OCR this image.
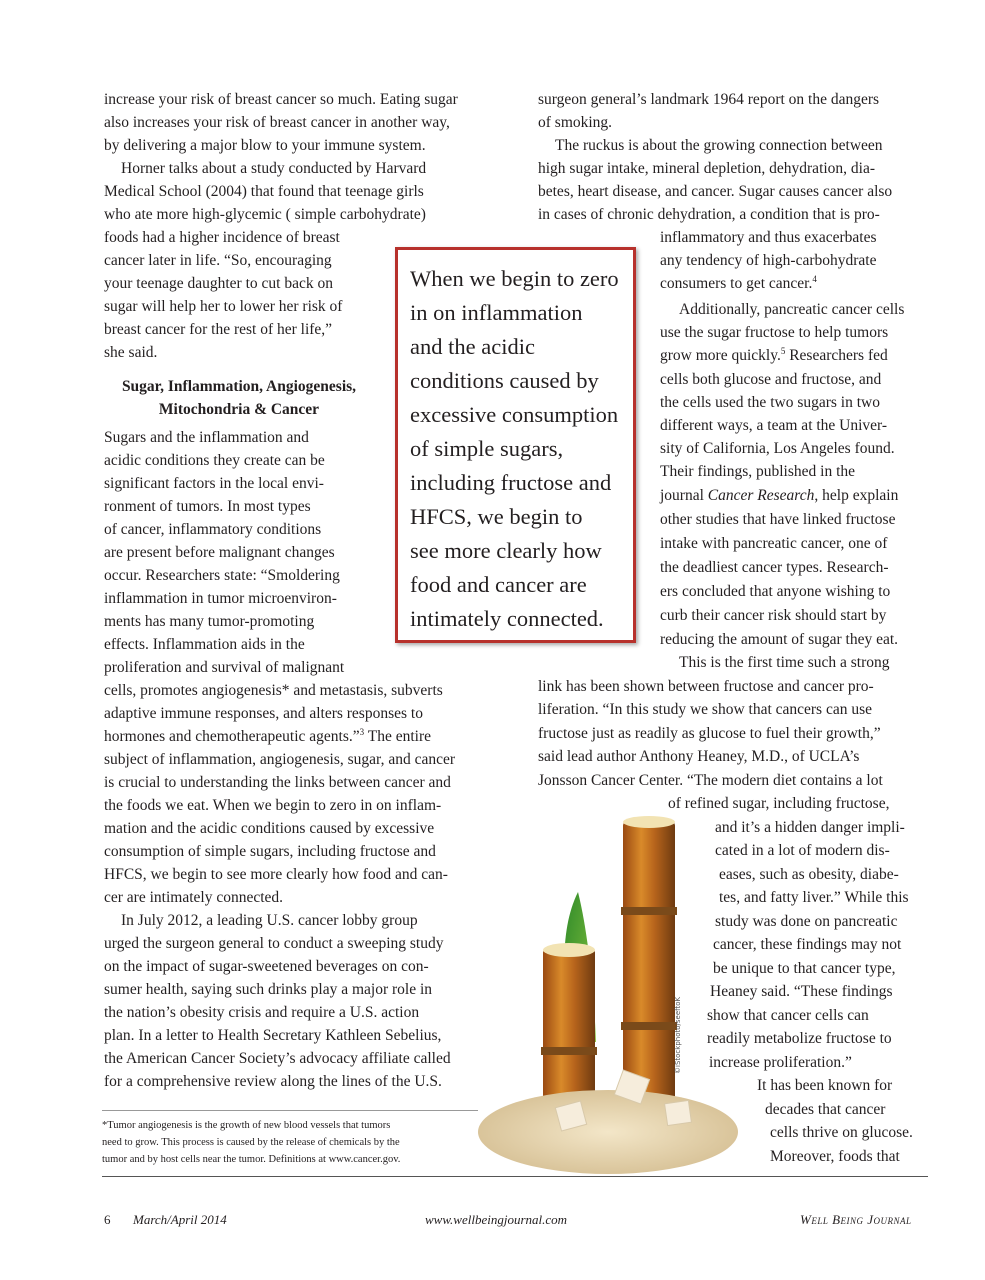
increase your risk of breast cancer so much. Eating sugar
also increases your risk of breast cancer in another way,
by delivering a major blow to your immune system.
Horner talks about a study conducted by Harvard
Medical School (2004) that found that teenage girls
who ate more high-glycemic ( simple carbohydrate)
foods had a higher incidence of breast
cancer later in life. “So, encouraging
your teenage daughter to cut back on
sugar will help her to lower her risk of
breast cancer for the rest of her life,”
she said.
Sugar, Inflammation, Angiogenesis,
Mitochondria & Cancer
Sugars and the inflammation and
acidic conditions they create can be
significant factors in the local envi-
ronment of tumors. In most types
of cancer, inflammatory conditions
are present before malignant changes
occur. Researchers state: “Smoldering
inflammation in tumor microenviron-
ments has many tumor-promoting
effects. Inflammation aids in the
proliferation and survival of malignant
cells, promotes angiogenesis* and metastasis, subverts
adaptive immune responses, and alters responses to
hormones and chemotherapeutic agents.”$^3$ The entire
subject of inflammation, angiogenesis, sugar, and cancer
is crucial to understanding the links between cancer and
the foods we eat. When we begin to zero in on inflam-
mation and the acidic conditions caused by excessive
consumption of simple sugars, including fructose and
HFCS, we begin to see more clearly how food and can-
cer are intimately connected.
In July 2012, a leading U.S. cancer lobby group
urged the surgeon general to conduct a sweeping study
on the impact of sugar-sweetened beverages on con-
sumer health, saying such drinks play a major role in
the nation’s obesity crisis and require a U.S. action
plan. In a letter to Health Secretary Kathleen Sebelius,
the American Cancer Society’s advocacy affiliate called
for a comprehensive review along the lines of the U.S.
*Tumor angiogenesis is the growth of new blood vessels that tumors
need to grow. This process is caused by the release of chemicals by the
tumor and by host cells near the tumor. Definitions at www.cancer.gov.
When we begin to zero
in on inflammation
and the acidic
conditions caused by
excessive consumption
of simple sugars,
including fructose and
HFCS, we begin to
see more clearly how
food and cancer are
intimately connected.
surgeon general’s landmark 1964 report on the dangers
of smoking.
The ruckus is about the growing connection between
high sugar intake, mineral depletion, dehydration, dia-
betes, heart disease, and cancer. Sugar causes cancer also
in cases of chronic dehydration, a condition that is pro-
inflammatory and thus exacerbates
any tendency of high-carbohydrate
consumers to get cancer.$^4$
Additionally, pancreatic cancer cells
use the sugar fructose to help tumors
grow more quickly.$^5$ Researchers fed
cells both glucose and fructose, and
the cells used the two sugars in two
different ways, a team at the Univer-
sity of California, Los Angeles found.
Their findings, published in the
journal Cancer Research, help explain
other studies that have linked fructose
intake with pancreatic cancer, one of
the deadliest cancer types. Research-
ers concluded that anyone wishing to
curb their cancer risk should start by
reducing the amount of sugar they eat.
This is the first time such a strong
link has been shown between fructose and cancer pro-
liferation. “In this study we show that cancers can use
fructose just as readily as glucose to fuel their growth,”
said lead author Anthony Heaney, M.D., of UCLA’s
Jonsson Cancer Center. “The modern diet contains a lot
of refined sugar, including fructose,
and it’s a hidden danger impli-
cated in a lot of modern dis-
eases, such as obesity, diabe-
tes, and fatty liver.” While this
study was done on pancreatic
cancer, these findings may not
be unique to that cancer type,
Heaney said. “These findings
show that cancer cells can
readily metabolize fructose to
increase proliferation.”
It has been known for
decades that cancer
cells thrive on glucose.
Moreover, foods that
©iStockphoto/seeftoK
6 March/April 2014	www.wellbeingjournal.com	Well Being Journal
